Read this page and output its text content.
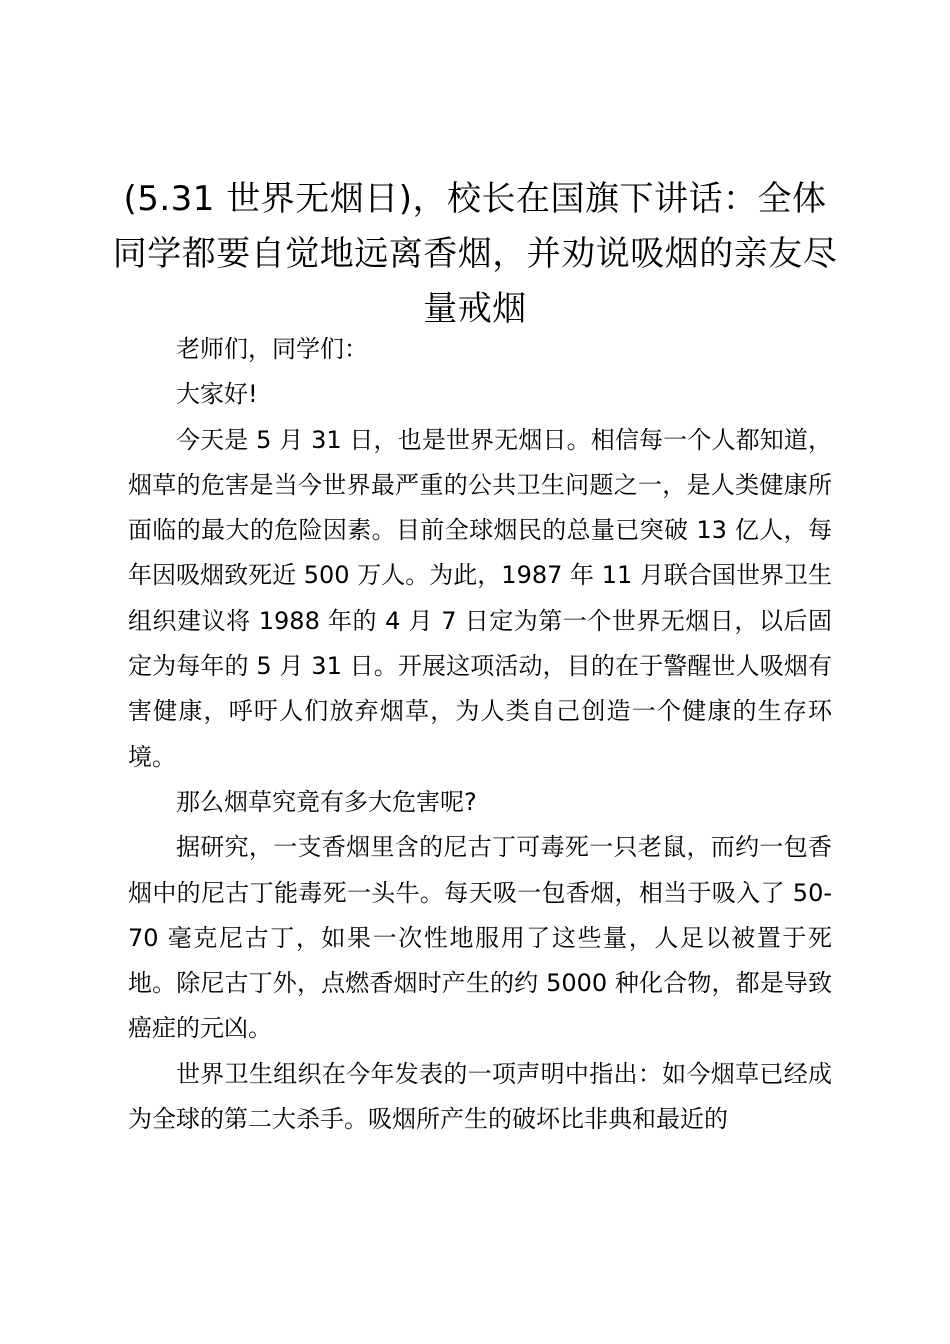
(5.31 世界无烟日)，校长在国旗下讲话：全体同学都要自觉地远离香烟，并劝说吸烟的亲友尽量戒烟

老师们，同学们：

大家好!

今天是 5 月 31 日，也是世界无烟日。相信每一个人都知道，烟草的危害是当今世界最严重的公共卫生问题之一，是人类健康所面临的最大的危险因素。目前全球烟民的总量已突破 13 亿人，每年因吸烟致死近 500 万人。为此，1987 年 11 月联合国世界卫生组织建议将 1988 年的 4 月 7 日定为第一个世界无烟日，以后固定为每年的 5 月 31 日。开展这项活动，目的在于警醒世人吸烟有害健康，呼吁人们放弃烟草，为人类自己创造一个健康的生存环境。

那么烟草究竟有多大危害呢?

据研究，一支香烟里含的尼古丁可毒死一只老鼠，而约一包香烟中的尼古丁能毒死一头牛。每天吸一包香烟，相当于吸入了 50-70 毫克尼古丁，如果一次性地服用了这些量，人足以被置于死地。除尼古丁外，点燃香烟时产生的约 5000 种化合物，都是导致癌症的元凶。

世界卫生组织在今年发表的一项声明中指出：如今烟草已经成为全球的第二大杀手。吸烟所产生的破坏比非典和最近的
